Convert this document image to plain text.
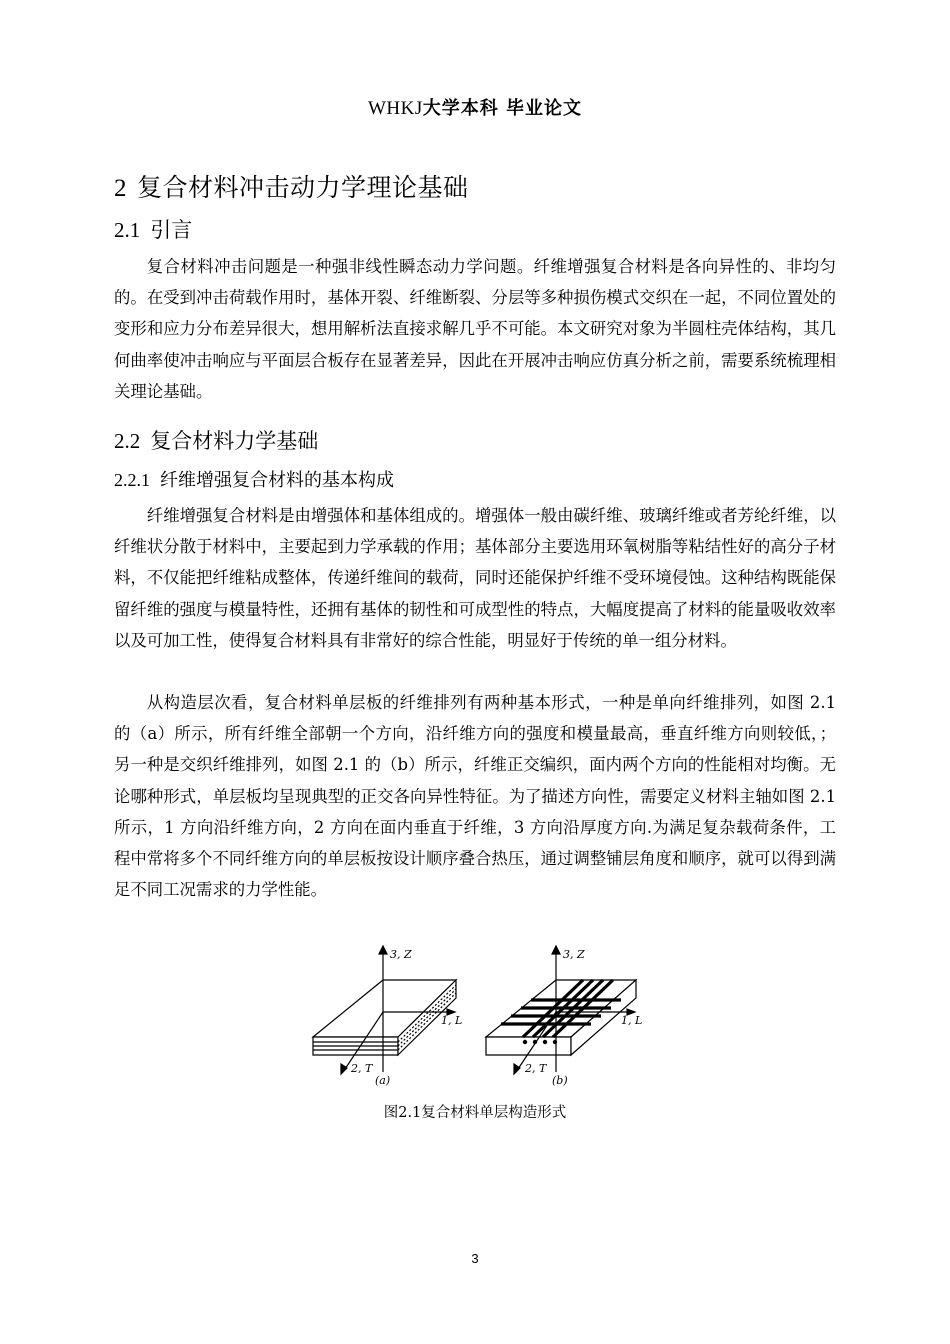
WHKJ大学本科 毕业论文
2 复合材料冲击动力学理论基础
2.1 引言

复合材料冲击问题是一种强非线性瞬态动力学问题。纤维增强复合材料是各向异性的、非均匀的。在受到冲击荷载作用时，基体开裂、纤维断裂、分层等多种损伤模式交织在一起，不同位置处的变形和应力分布差异很大，想用解析法直接求解几乎不可能。本文研究对象为半圆柱壳体结构，其几何曲率使冲击响应与平面层合板存在显著差异，因此在开展冲击响应仿真分析之前，需要系统梳理相关理论基础。

2.2 复合材料力学基础
2.2.1 纤维增强复合材料的基本构成

纤维增强复合材料是由增强体和基体组成的。增强体一般由碳纤维、玻璃纤维或者芳纶纤维，以纤维状分散于材料中，主要起到力学承载的作用；基体部分主要选用环氧树脂等粘结性好的高分子材料，不仅能把纤维粘成整体，传递纤维间的载荷，同时还能保护纤维不受环境侵蚀。这种结构既能保留纤维的强度与模量特性，还拥有基体的韧性和可成型性的特点，大幅度提高了材料的能量吸收效率以及可加工性，使得复合材料具有非常好的综合性能，明显好于传统的单一组分材料。

从构造层次看，复合材料单层板的纤维排列有两种基本形式，一种是单向纤维排列，如图 2.1 的（a）所示，所有纤维全部朝一个方向，沿纤维方向的强度和模量最高，垂直纤维方向则较低，；另一种是交织纤维排列，如图 2.1 的（b）所示，纤维正交编织，面内两个方向的性能相对均衡。无论哪种形式，单层板均呈现典型的正交各向异性特征。为了描述方向性，需要定义材料主轴如图 2.1 所示，1 方向沿纤维方向，2 方向在面内垂直于纤维，3 方向沿厚度方向.为满足复杂载荷条件，工程中常将多个不同纤维方向的单层板按设计顺序叠合热压，通过调整铺层角度和顺序，就可以得到满足不同工况需求的力学性能。

3, Z
1, L
2, T
(a)
3, Z
1, L
2, T
(b)
图2.1复合材料单层构造形式
3
